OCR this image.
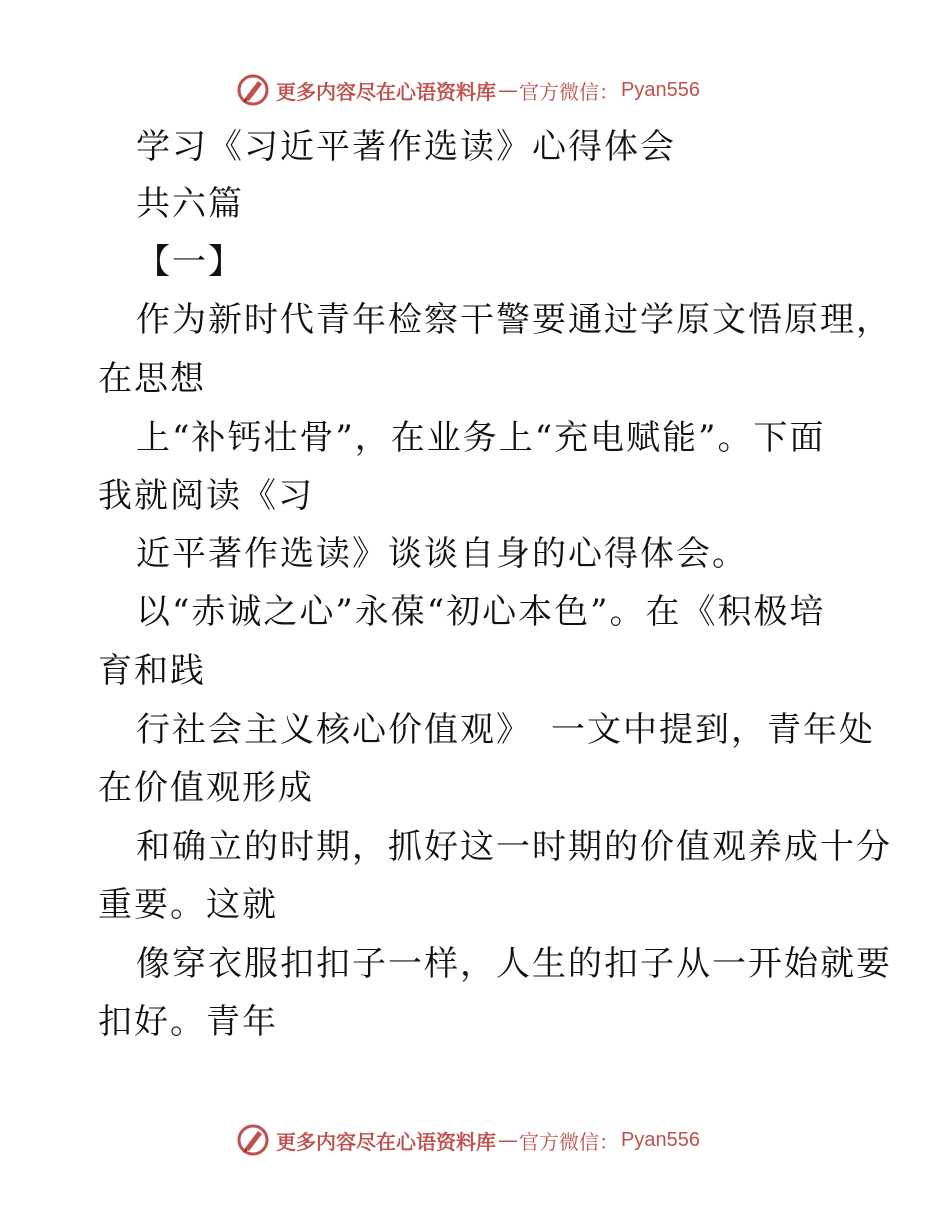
更多内容尽在心语资料库 — 官方微信： Pyan556
学习《习近平著作选读》心得体会
共六篇
【一】
作为新时代青年检察干警要通过学原文悟原理，
在思想
上“补钙壮骨”，在业务上“充电赋能”。下面
我就阅读《习
近平著作选读》谈谈自身的心得体会。
以“赤诚之心”永葆“初心本色”。在《积极培
育和践
行社会主义核心价值观》　一文中提到，青年处
在价值观形成
和确立的时期，抓好这一时期的价值观养成十分
重要。这就
像穿衣服扣扣子一样，人生的扣子从一开始就要
扣好。青年
更多内容尽在心语资料库 — 官方微信： Pyan556
